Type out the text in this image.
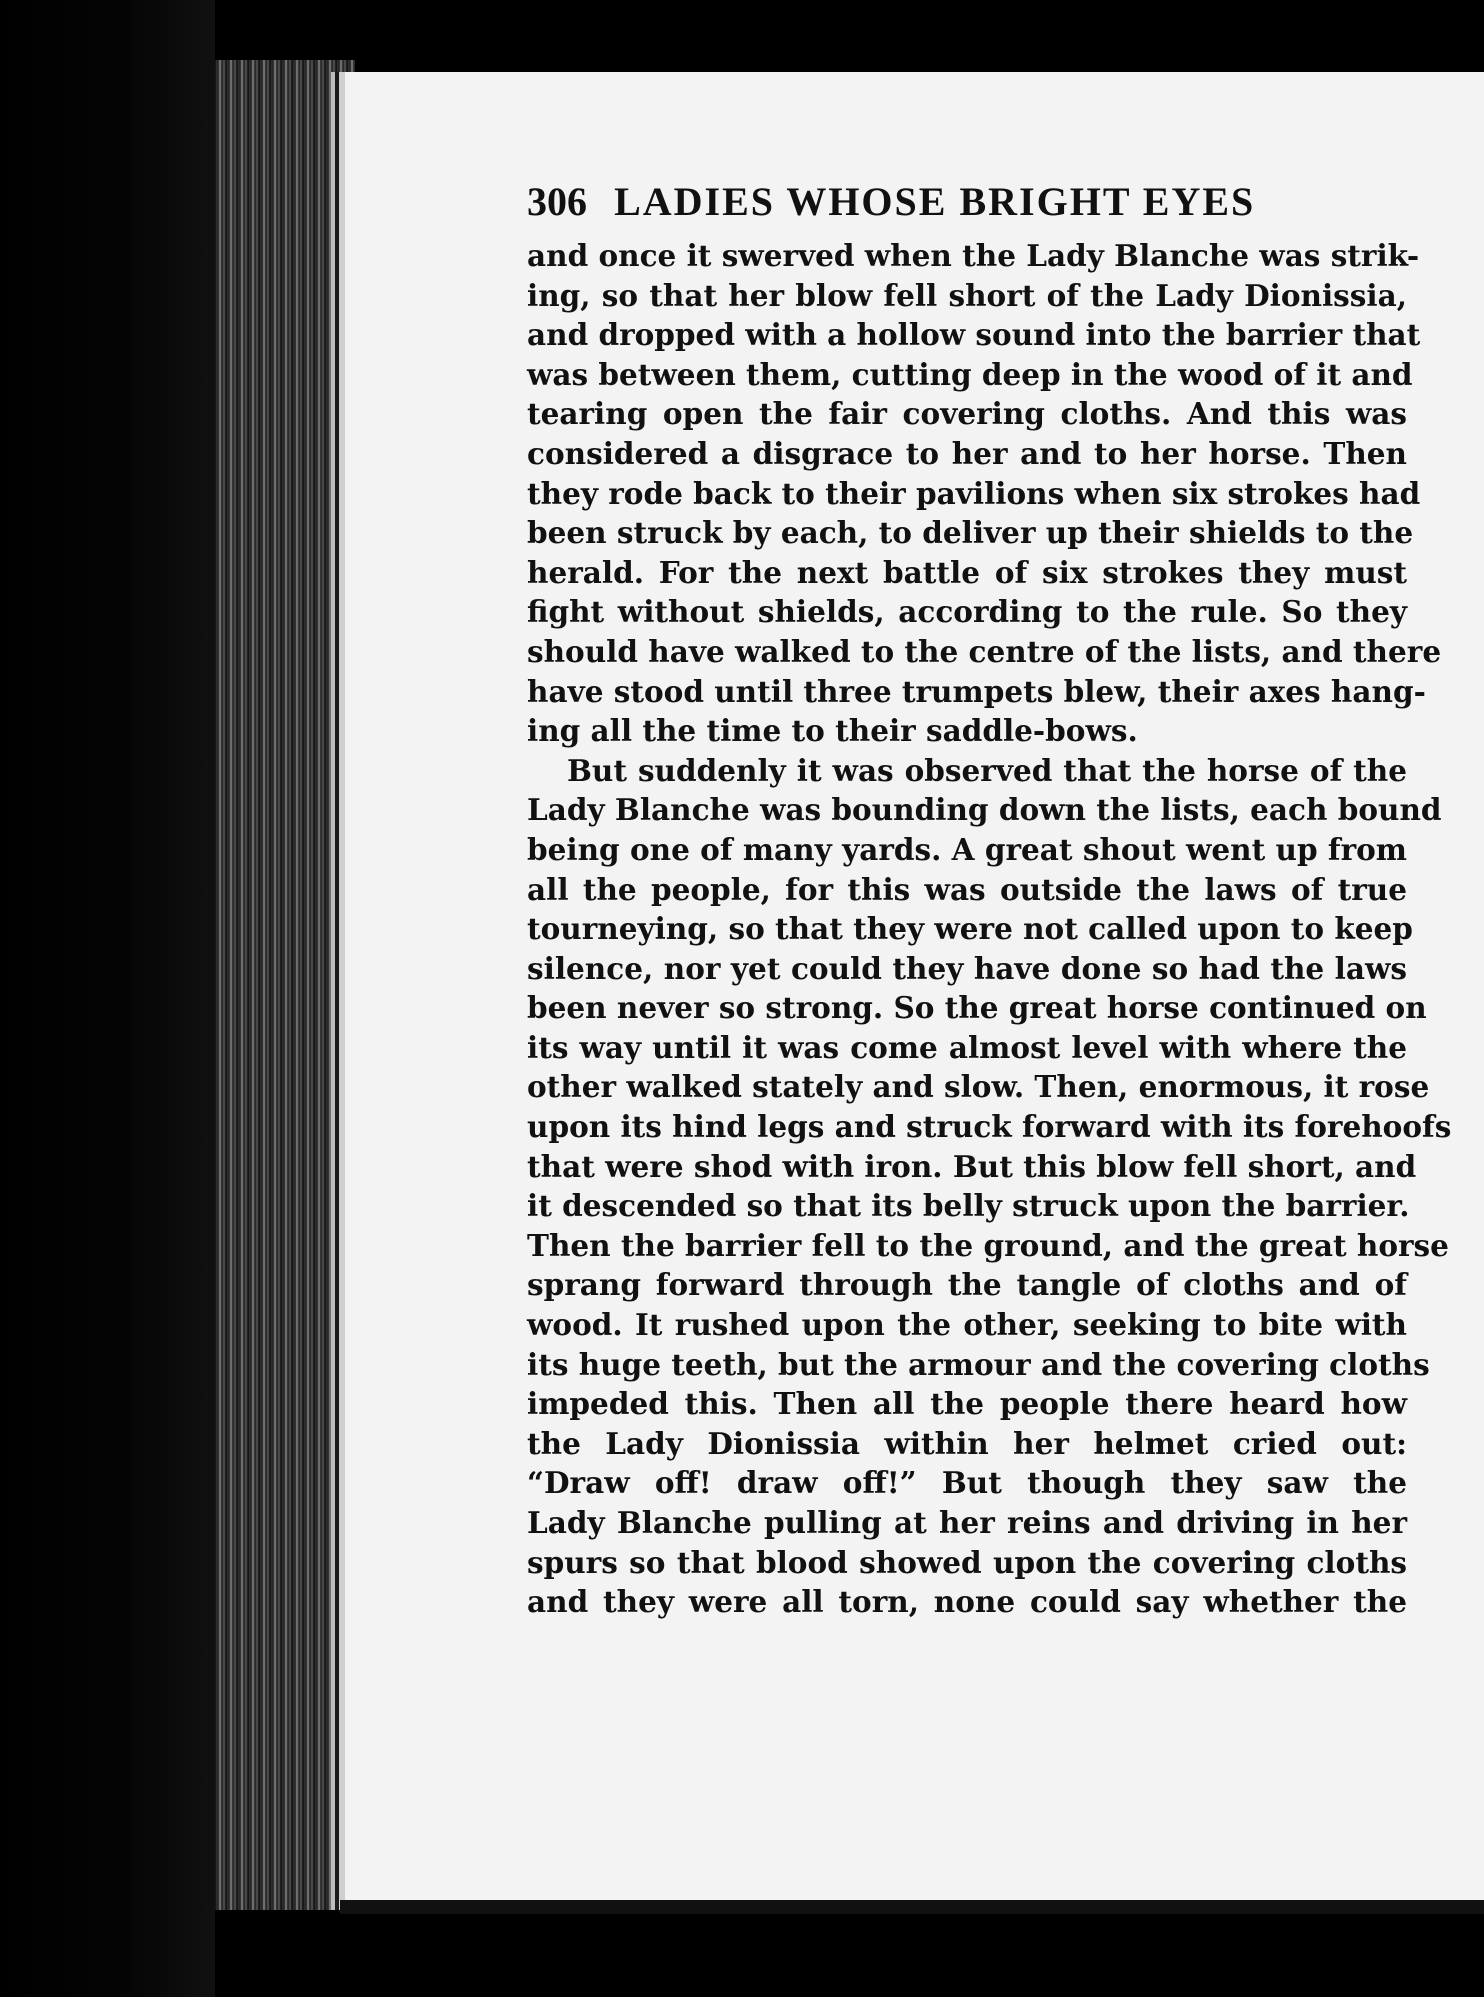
306 LADIES WHOSE BRIGHT EYES
and once it swerved when the Lady Blanche was strik-
ing, so that her blow fell short of the Lady Dionissia,
and dropped with a hollow sound into the barrier that
was between them, cutting deep in the wood of it and
tearing open the fair covering cloths. And this was
considered a disgrace to her and to her horse. Then
they rode back to their pavilions when six strokes had
been struck by each, to deliver up their shields to the
herald. For the next battle of six strokes they must
fight without shields, according to the rule. So they
should have walked to the centre of the lists, and there
have stood until three trumpets blew, their axes hang-
ing all the time to their saddle-bows.
But suddenly it was observed that the horse of the
Lady Blanche was bounding down the lists, each bound
being one of many yards. A great shout went up from
all the people, for this was outside the laws of true
tourneying, so that they were not called upon to keep
silence, nor yet could they have done so had the laws
been never so strong. So the great horse continued on
its way until it was come almost level with where the
other walked stately and slow. Then, enormous, it rose
upon its hind legs and struck forward with its forehoofs
that were shod with iron. But this blow fell short, and
it descended so that its belly struck upon the barrier.
Then the barrier fell to the ground, and the great horse
sprang forward through the tangle of cloths and of
wood. It rushed upon the other, seeking to bite with
its huge teeth, but the armour and the covering cloths
impeded this. Then all the people there heard how
the Lady Dionissia within her helmet cried out:
“Draw off! draw off!” But though they saw the
Lady Blanche pulling at her reins and driving in her
spurs so that blood showed upon the covering cloths
and they were all torn, none could say whether the
